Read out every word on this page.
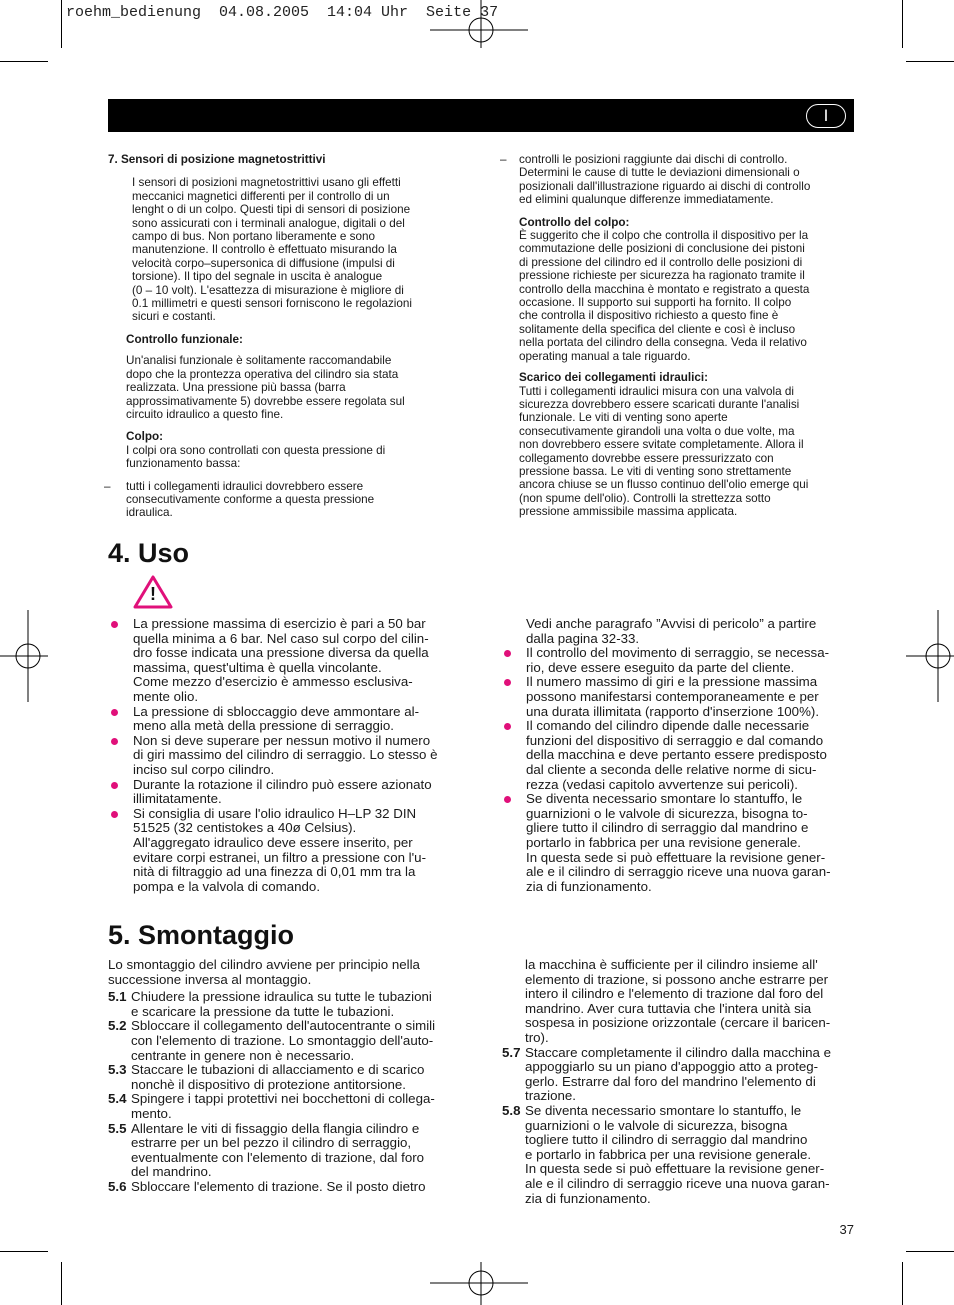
roehm_bedienung  04.08.2005  14:04 Uhr  Seite 37
I

7. Sensori di posizione magnetostrittivi

I sensori di posizioni magnetostrittivi usano gli effetti
meccanici magnetici differenti per il controllo di un
lenght o di un colpo. Questi tipi di sensori di posizione
sono assicurati con i terminali analogue, digitali o del
campo di bus. Non portano liberamente e sono
manutenzione. Il controllo è effettuato misurando la
velocità corpo–supersonica di diffusione (impulsi di
torsione). Il tipo del segnale in uscita è analogue
(0 – 10 volt). L'esattezza di misurazione è migliore di
0.1 millimetri e questi sensori forniscono le regolazioni
sicuri e costanti.

Controllo funzionale:

Un'analisi funzionale è solitamente raccomandabile
dopo che la prontezza operativa del cilindro sia stata
realizzata. Una pressione più bassa (barra
approssimativamente 5) dovrebbe essere regolata sul
circuito idraulico a questo fine.

Colpo:

I colpi ora sono controllati con questa pressione di
funzionamento bassa:

– tutti i collegamenti idraulici dovrebbero essere
consecutivamente conforme a questa pressione
idraulica.
– controlli le posizioni raggiunte dai dischi di controllo.
Determini le cause di tutte le deviazioni dimensionali o
posizionali dall'illustrazione riguardo ai dischi di controllo
ed elimini qualunque differenze immediatamente.

Controllo del colpo:

È suggerito che il colpo che controlla il dispositivo per la
commutazione delle posizioni di conclusione dei pistoni
di pressione del cilindro ed il controllo delle posizioni di
pressione richieste per sicurezza ha ragionato tramite il
controllo della macchina è montato e registrato a questa
occasione. Il supporto sui supporti ha fornito. Il colpo
che controlla il dispositivo richiesto a questo fine è
solitamente della specifica del cliente e così è incluso
nella portata del cilindro della consegna. Veda il relativo
operating manual a tale riguardo.

Scarico dei collegamenti idraulici:

Tutti i collegamenti idraulici misura con una valvola di
sicurezza dovrebbero essere scaricati durante l'analisi
funzionale. Le viti di venting sono aperte
consecutivamente girandoli una volta o due volte, ma
non dovrebbero essere svitate completamente. Allora il
collegamento dovrebbe essere pressurizzato con
pressione bassa. Le viti di venting sono strettamente
ancora chiuse se un flusso continuo dell'olio emerge qui
(non spume dell'olio). Controlli la strettezza sotto
pressione ammissibile massima applicata.

4. Uso
!
La pressione massima di esercizio è pari a 50 bar
quella minima a 6 bar. Nel caso sul corpo del cilin-
dro fosse indicata una pressione diversa da quella
massima, quest'ultima è quella vincolante.
Come mezzo d'esercizio è ammesso esclusiva-
mente olio.
La pressione di sbloccaggio deve ammontare al-
meno alla metà della pressione di serraggio.
Non si deve superare per nessun motivo il numero
di giri massimo del cilindro di serraggio. Lo stesso è
inciso sul corpo cilindro.
Durante la rotazione il cilindro può essere azionato
illimitatamente.
Si consiglia di usare l'olio idraulico H–LP 32 DIN
51525 (32 centistokes a 40ø Celsius).
All'aggregato idraulico deve essere inserito, per
evitare corpi estranei, un filtro a pressione con l'u-
nità di filtraggio ad una finezza di 0,01 mm tra la
pompa e la valvola di comando.

Vedi anche paragrafo ”Avvisi di pericolo” a partire
dalla pagina 32-33.

Il controllo del movimento di serraggio, se necessa-
rio, deve essere eseguito da parte del cliente.
Il numero massimo di giri e la pressione massima
possono manifestarsi contemporaneamente e per
una durata illimitata (rapporto d'inserzione 100%).
Il comando del cilindro dipende dalle necessarie
funzioni del dispositivo di serraggio e dal comando
della macchina e deve pertanto essere predisposto
dal cliente a seconda delle relative norme di sicu-
rezza (vedasi capitolo avvertenze sui pericoli).
Se diventa necessario smontare lo stantuffo, le
guarnizioni o le valvole di sicurezza, bisogna to-
gliere tutto il cilindro di serraggio dal mandrino e
portarlo in fabbrica per una revisione generale.
In questa sede si può effettuare la revisione gener-
ale e il cilindro di serraggio riceve una nuova garan-
zia di funzionamento.
5. Smontaggio

Lo smontaggio del cilindro avviene per principio nella
successione inversa al montaggio.

5.1 Chiudere la pressione idraulica su tutte le tubazioni
e scaricare la pressione da tutte le tubazioni.
5.2 Sbloccare il collegamento dell'autocentrante o simili
con l'elemento di trazione. Lo smontaggio dell'auto-
centrante in genere non è necessario.
5.3 Staccare le tubazioni di allacciamento e di scarico
nonchè il dispositivo di protezione antitorsione.
5.4 Spingere i tappi protettivi nei bocchettoni di collega-
mento.
5.5 Allentare le viti di fissaggio della flangia cilindro e
estrarre per un bel pezzo il cilindro di serraggio,
eventualmente con l'elemento di trazione, dal foro
del mandrino.
5.6 Sbloccare l'elemento di trazione. Se il posto dietro

la macchina è sufficiente per il cilindro insieme all'
elemento di trazione, si possono anche estrarre per
intero il cilindro e l'elemento di trazione dal foro del
mandrino. Aver cura tuttavia che l'intera unità sia
sospesa in posizione orizzontale (cercare il baricen-
tro).

5.7 Staccare completamente il cilindro dalla macchina e
appoggiarlo su un piano d'appoggio atto a proteg-
gerlo. Estrarre dal foro del mandrino l'elemento di
trazione.
5.8 Se diventa necessario smontare lo stantuffo, le
guarnizioni o le valvole di sicurezza, bisogna
togliere tutto il cilindro di serraggio dal mandrino
e portarlo in fabbrica per una revisione generale.
In questa sede si può effettuare la revisione gener-
ale e il cilindro di serraggio riceve una nuova garan-
zia di funzionamento.
37
